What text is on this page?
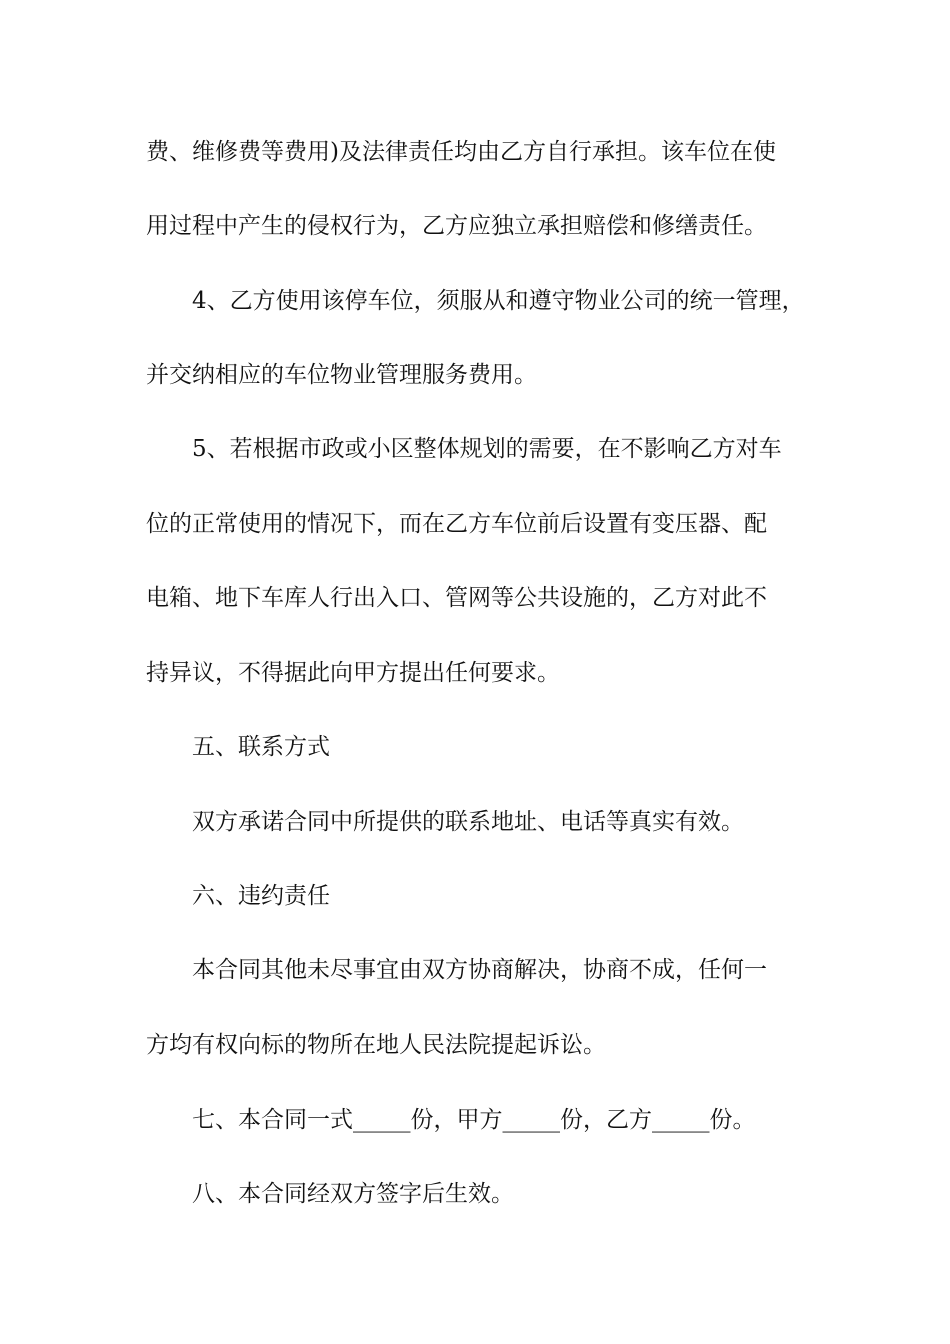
费、维修费等费用)及法律责任均由乙方自行承担。该车位在使
用过程中产生的侵权行为，乙方应独立承担赔偿和修缮责任。
4、乙方使用该停车位，须服从和遵守物业公司的统一管理，
并交纳相应的车位物业管理服务费用。
5、若根据市政或小区整体规划的需要，在不影响乙方对车
位的正常使用的情况下，而在乙方车位前后设置有变压器、配
电箱、地下车库人行出入口、管网等公共设施的，乙方对此不
持异议，不得据此向甲方提出任何要求。
五、联系方式
双方承诺合同中所提供的联系地址、电话等真实有效。
六、违约责任
本合同其他未尽事宜由双方协商解决，协商不成，任何一
方均有权向标的物所在地人民法院提起诉讼。
七、本合同一式_____份，甲方_____份，乙方_____份。
八、本合同经双方签字后生效。
